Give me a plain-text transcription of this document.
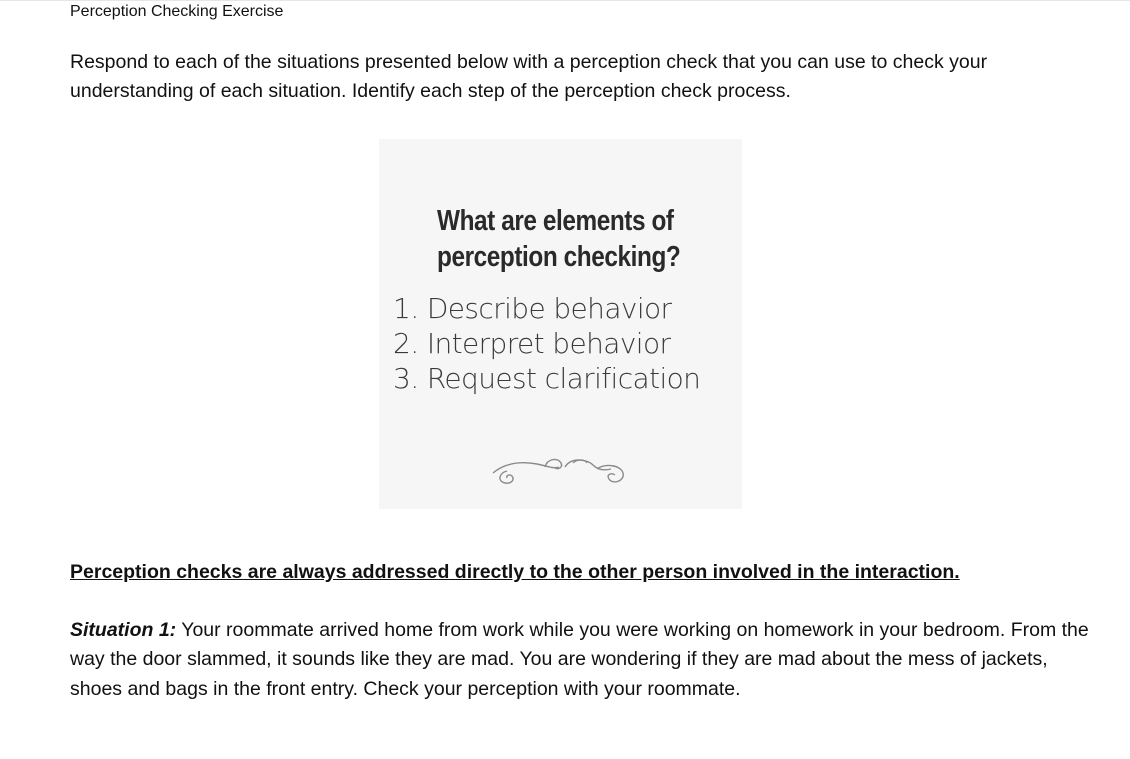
Perception Checking Exercise

Respond to each of the situations presented below with a perception check that you can use to check your understanding of each situation. Identify each step of the perception check process.

What are elements of
perception checking?
1. Describe behavior
2. Interpret behavior
3. Request clarification

Perception checks are always addressed directly to the other person involved in the interaction.

Situation 1: Your roommate arrived home from work while you were working on homework in your bedroom. From the way the door slammed, it sounds like they are mad. You are wondering if they are mad about the mess of jackets, shoes and bags in the front entry. Check your perception with your roommate.
